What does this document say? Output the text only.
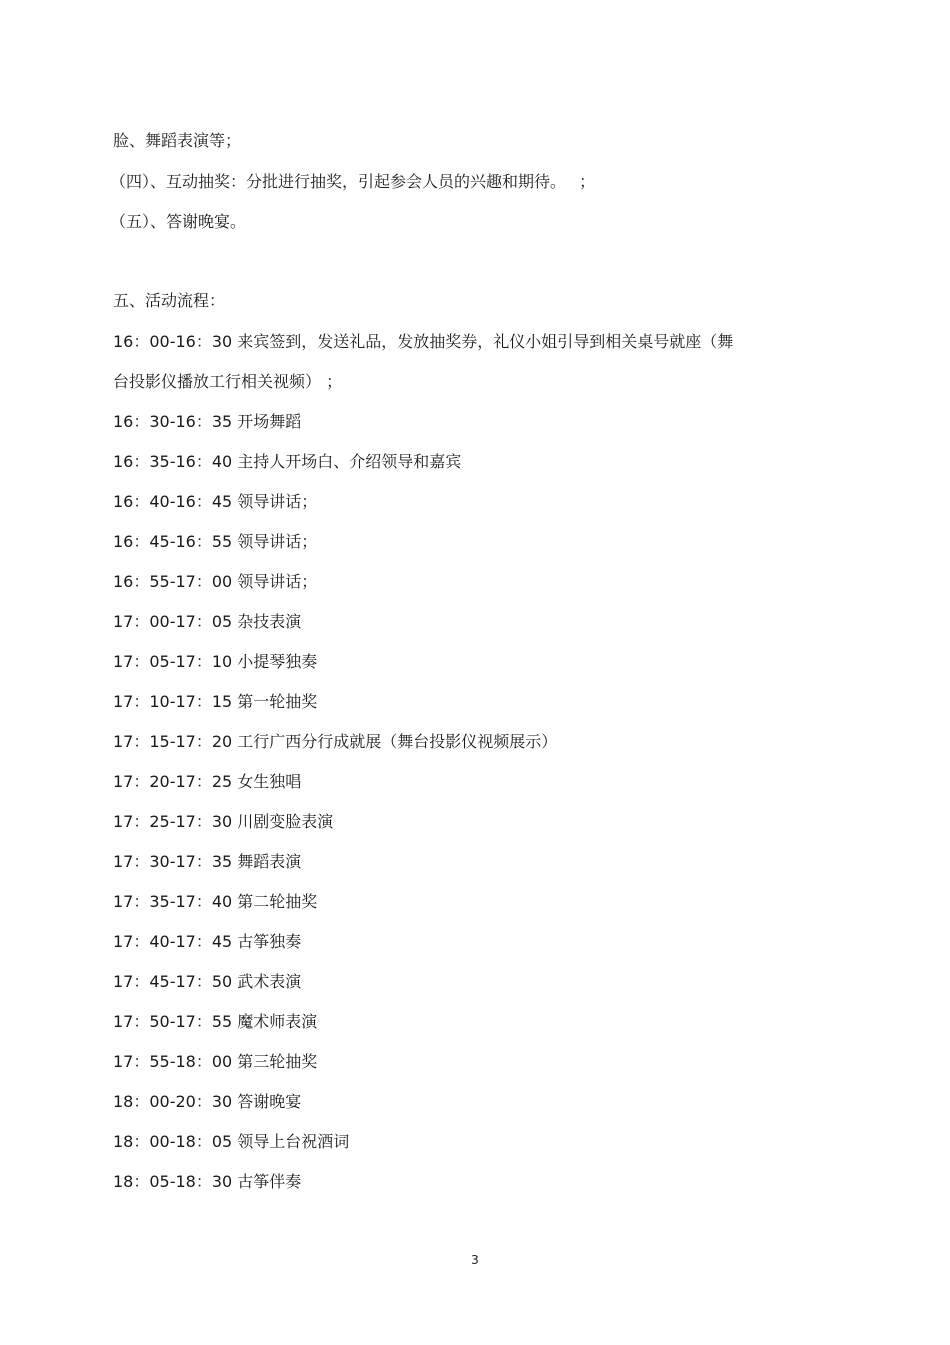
脸、舞蹈表演等；
（四）、互动抽奖：分批进行抽奖，引起参会人员的兴趣和期待。　 ；
（五）、答谢晚宴。
五、活动流程：
16：00-16：30 来宾签到，发送礼品，发放抽奖券，礼仪小姐引导到相关桌号就座（舞
台投影仪播放工行相关视频） ；
16：30-16：35 开场舞蹈
16：35-16：40 主持人开场白、介绍领导和嘉宾
16：40-16：45 领导讲话；
16：45-16：55 领导讲话；
16：55-17：00 领导讲话；
17：00-17：05 杂技表演
17：05-17：10 小提琴独奏
17：10-17：15 第一轮抽奖
17：15-17：20 工行广西分行成就展（舞台投影仪视频展示）
17：20-17：25 女生独唱
17：25-17：30 川剧变脸表演
17：30-17：35 舞蹈表演
17：35-17：40 第二轮抽奖
17：40-17：45 古筝独奏
17：45-17：50 武术表演
17：50-17：55 魔术师表演
17：55-18：00 第三轮抽奖
18：00-20：30 答谢晚宴
18：00-18：05 领导上台祝酒词
18：05-18：30 古筝伴奏
3
